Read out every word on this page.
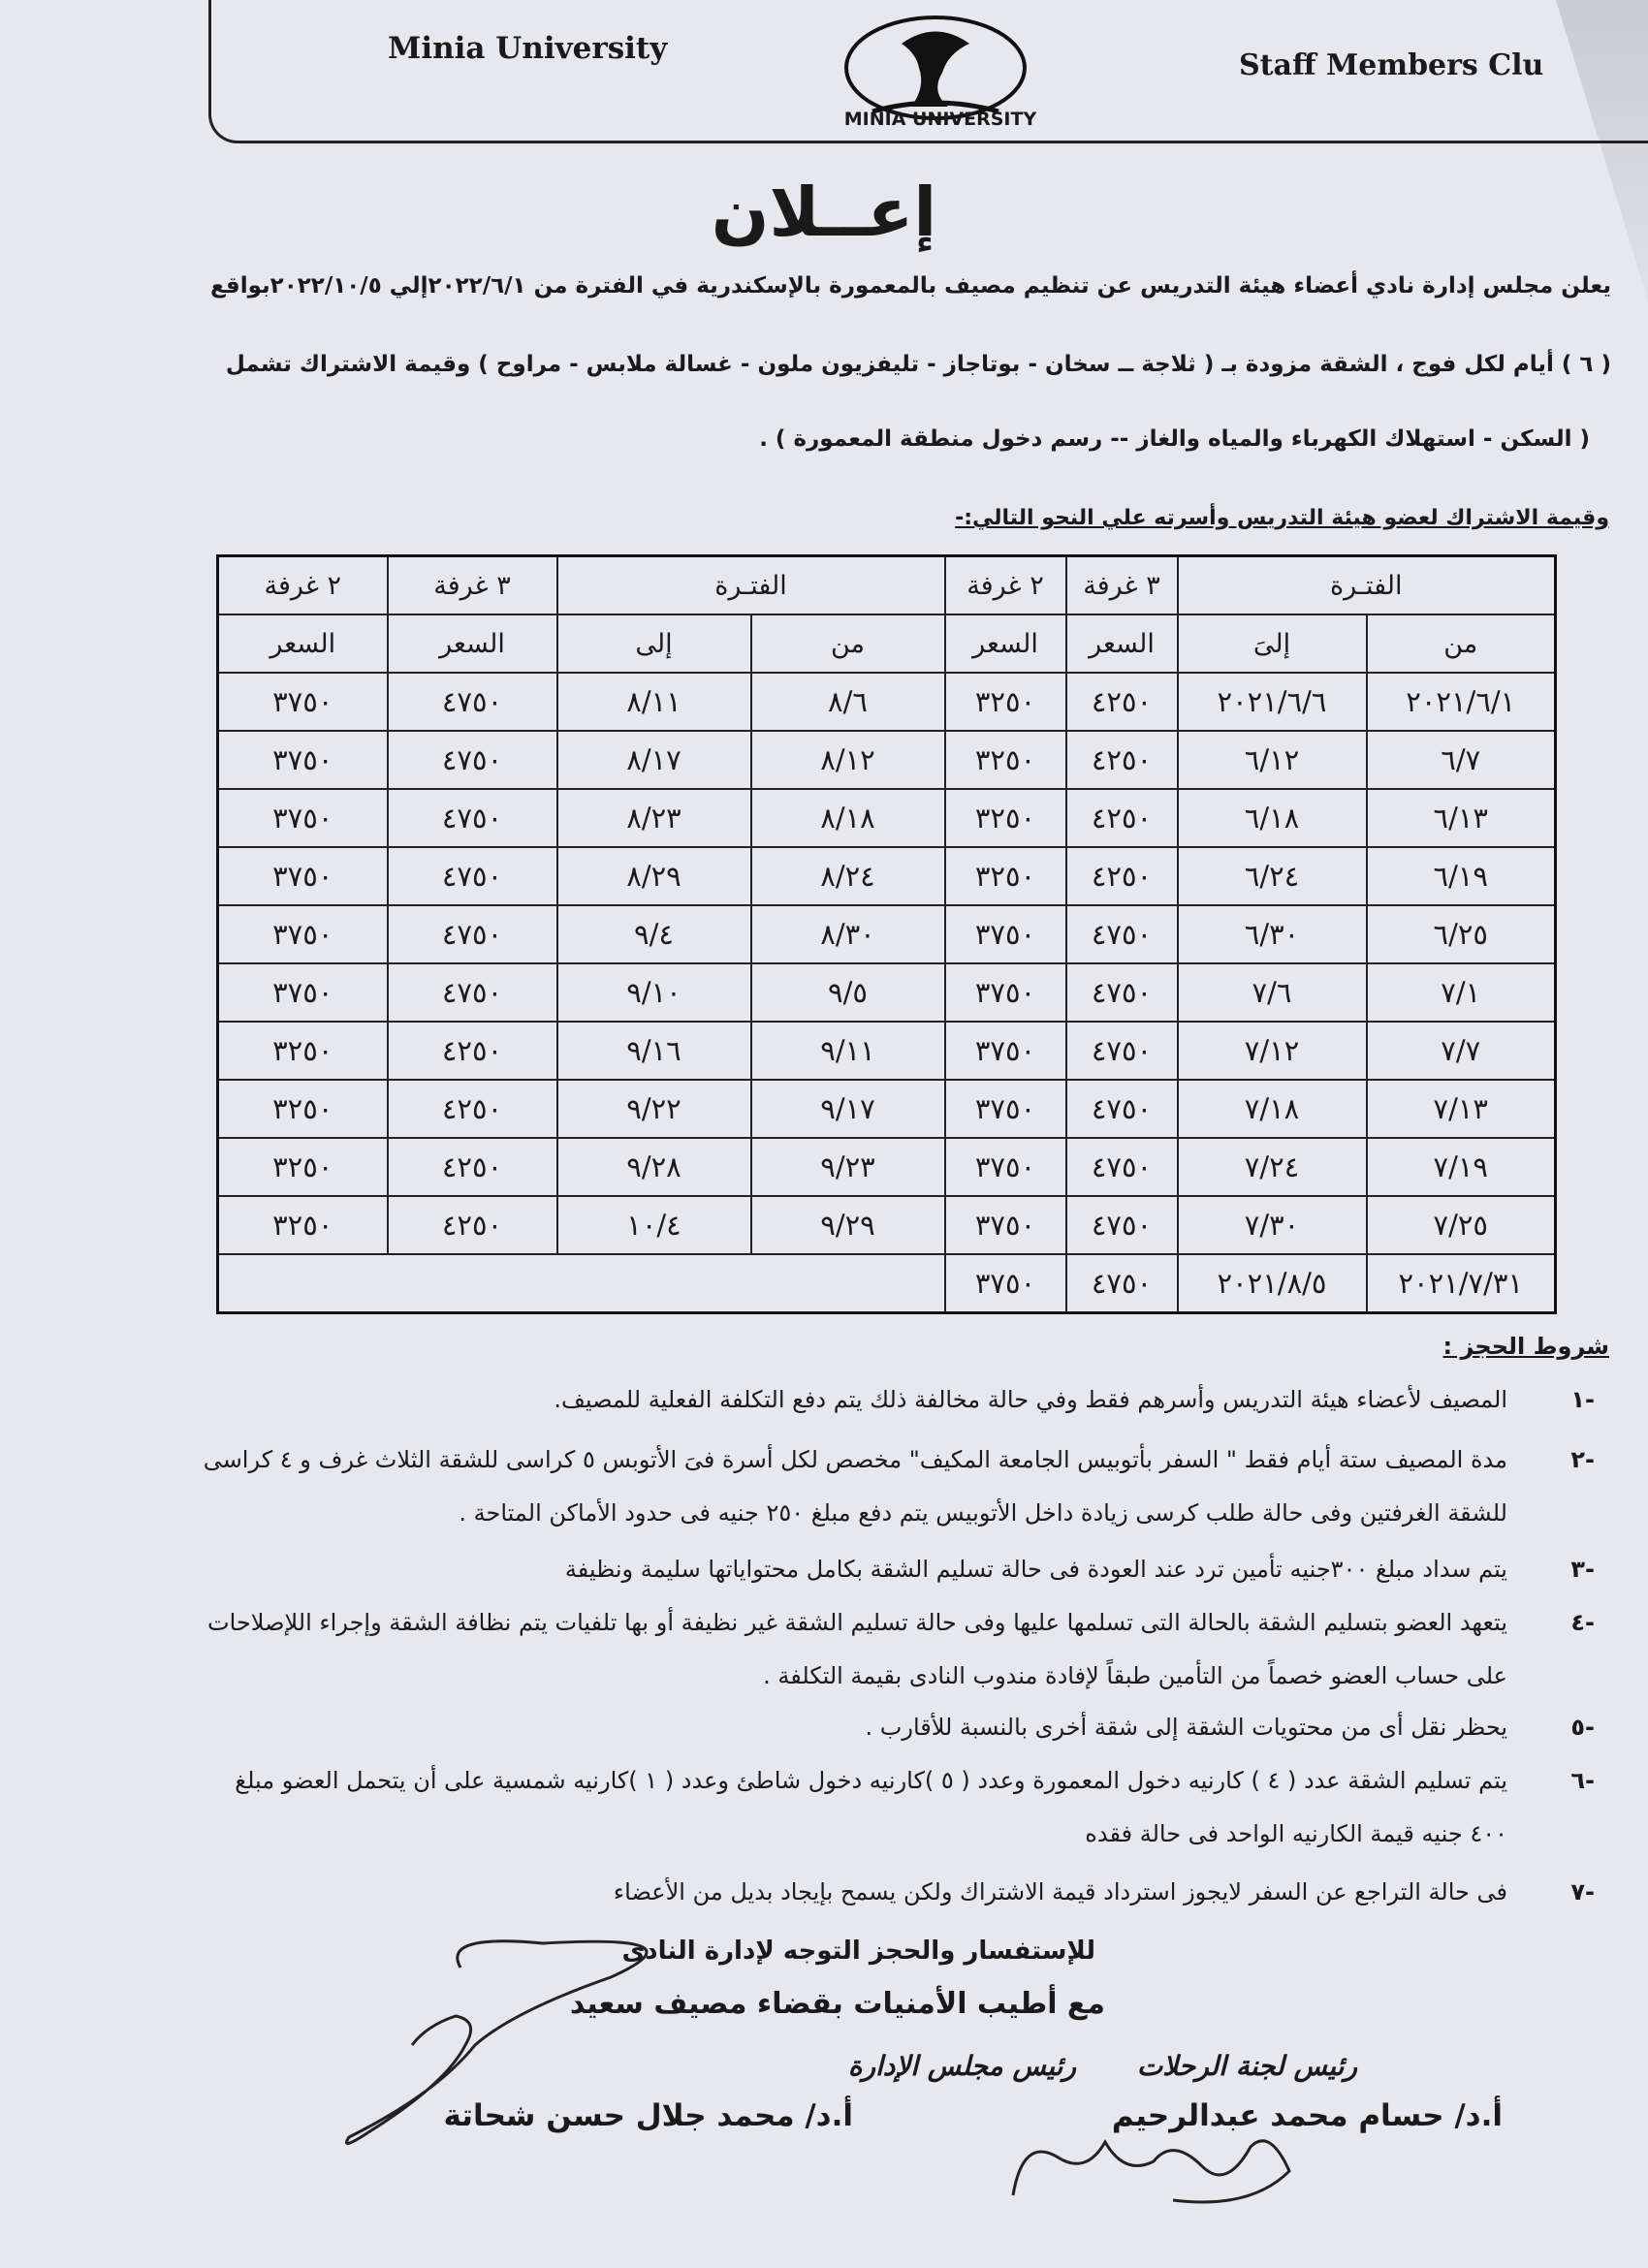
Minia University	Staff Members Clu
MINIA UNIVERSITY
إعــلان
يعلن مجلس إدارة نادي أعضاء هيئة التدريس عن تنظيم مصيف بالمعمورة بالإسكندرية في الفترة من ٢٠٢٢/٦/١إلي ٢٠٢٢/١٠/٥بواقع
( ٦ ) أيام لكل فوج ، الشقة مزودة بـ ( ثلاجة ــ سخان - بوتاجاز - تليفزيون ملون - غسالة ملابس - مراوح ) وقيمة الاشتراك تشمل
( السكن - استهلاك الكهرباء والمياه والغاز -- رسم دخول منطقة المعمورة ) .
وقيمة الاشتراك لعضو هيئة التدريس وأسرته علي النحو التالي:-
الفتـرة		٣ غرفة	٢ غرفة	الفتـرة		٣ غرفة	٢ غرفة
من	إلىَ	السعر	السعر	من	إلى	السعر	السعر
٢٠٢١/٦/١	٢٠٢١/٦/٦	٤٢٥٠	٣٢٥٠	٨/٦	٨/١١	٤٧٥٠	٣٧٥٠
٦/٧	٦/١٢	٤٢٥٠	٣٢٥٠	٨/١٢	٨/١٧	٤٧٥٠	٣٧٥٠
٦/١٣	٦/١٨	٤٢٥٠	٣٢٥٠	٨/١٨	٨/٢٣	٤٧٥٠	٣٧٥٠
٦/١٩	٦/٢٤	٤٢٥٠	٣٢٥٠	٨/٢٤	٨/٢٩	٤٧٥٠	٣٧٥٠
٦/٢٥	٦/٣٠	٤٧٥٠	٣٧٥٠	٨/٣٠	٩/٤	٤٧٥٠	٣٧٥٠
٧/١	٧/٦	٤٧٥٠	٣٧٥٠	٩/٥	٩/١٠	٤٧٥٠	٣٧٥٠
٧/٧	٧/١٢	٤٧٥٠	٣٧٥٠	٩/١١	٩/١٦	٤٢٥٠	٣٢٥٠
٧/١٣	٧/١٨	٤٧٥٠	٣٧٥٠	٩/١٧	٩/٢٢	٤٢٥٠	٣٢٥٠
٧/١٩	٧/٢٤	٤٧٥٠	٣٧٥٠	٩/٢٣	٩/٢٨	٤٢٥٠	٣٢٥٠
٧/٢٥	٧/٣٠	٤٧٥٠	٣٧٥٠	٩/٢٩	١٠/٤	٤٢٥٠	٣٢٥٠
٢٠٢١/٧/٣١	٢٠٢١/٨/٥	٤٧٥٠	٣٧٥٠				
شروط الحجز :
-١
المصيف لأعضاء هيئة التدريس وأسرهم فقط وفي حالة مخالفة ذلك يتم دفع التكلفة الفعلية للمصيف.
-٢
مدة المصيف ستة أيام فقط " السفر بأتوبيس الجامعة المكيف" مخصص لكل أسرة فىَ الأتوبس ٥ كراسى للشقة الثلاث غرف و ٤ كراسى
للشقة الغرفتين وفى حالة طلب كرسى زيادة داخل الأتوبيس يتم دفع مبلغ ٢٥٠ جنيه فى حدود الأماكن المتاحة .
-٣
يتم سداد مبلغ ٣٠٠جنيه تأمين ترد عند العودة فى حالة تسليم الشقة بكامل محتواياتها سليمة ونظيفة
-٤
يتعهد العضو بتسليم الشقة بالحالة التى تسلمها عليها وفى حالة تسليم الشقة غير نظيفة أو بها تلفيات يتم نظافة الشقة وإجراء اللإصلاحات
على حساب العضو خصماً من التأمين طبقاً لإفادة مندوب النادى بقيمة التكلفة .
-٥
يحظر نقل أى من محتويات الشقة إلى شقة أخرى بالنسبة للأقارب .
-٦
يتم تسليم الشقة عدد ( ٤ ) كارنيه دخول المعمورة وعدد ( ٥ )كارنيه دخول شاطئ وعدد ( ١ )كارنيه شمسية على أن يتحمل العضو مبلغ
٤٠٠ جنيه قيمة الكارنيه الواحد فى حالة فقده
-٧
فى حالة التراجع عن السفر لايجوز استرداد قيمة الاشتراك ولكن يسمح بإيجاد بديل من الأعضاء
للإستفسار والحجز التوجه لإدارة النادى
مع أطيب الأمنيات بقضاء مصيف سعيد
رئيس مجلس الإدارة
أ.د/ محمد جلال حسن شحاتة
رئيس لجنة الرحلات
أ.د/ حسام محمد عبدالرحيم
